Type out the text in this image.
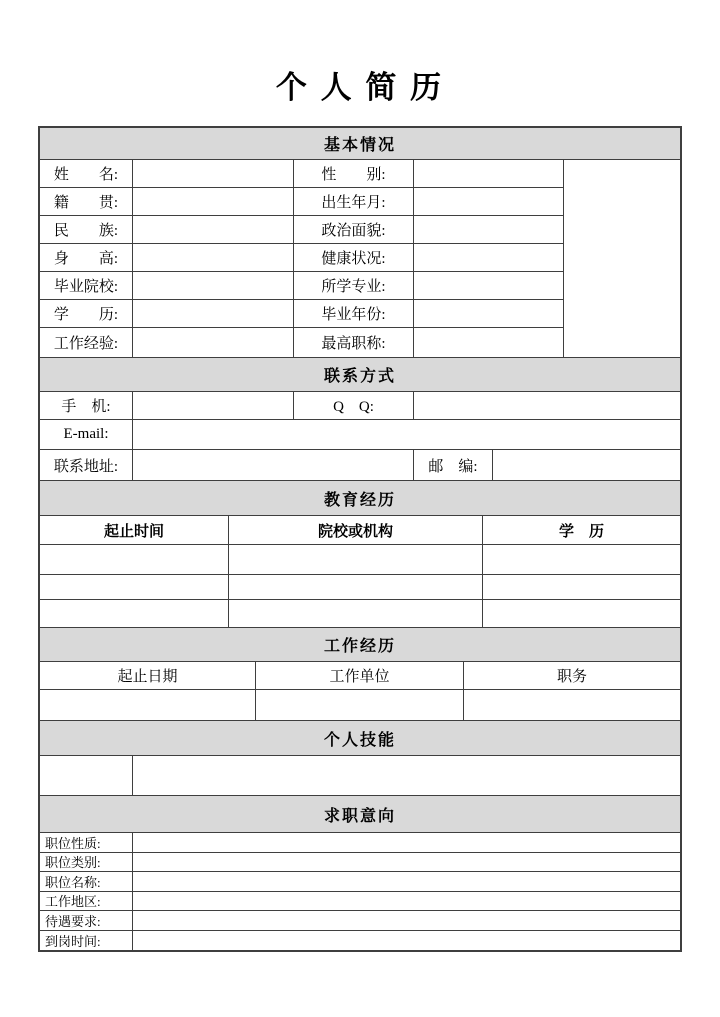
个 人 简 历
基本情况
姓　　名:	性　　别:
籍　　贯:	出生年月:
民　　族:	政治面貌:
身　　高:	健康状况:
毕业院校:	所学专业:
学　　历:	毕业年份:
工作经验:	最高职称:
联系方式
手　机:	Q　Q:
E-mail:
联系地址:	邮　编:
教育经历
起止时间	院校或机构	学　历
工作经历
起止日期	工作单位	职务
个人技能
求职意向
职位性质:
职位类别:
职位名称:
工作地区:
待遇要求:
到岗时间:
